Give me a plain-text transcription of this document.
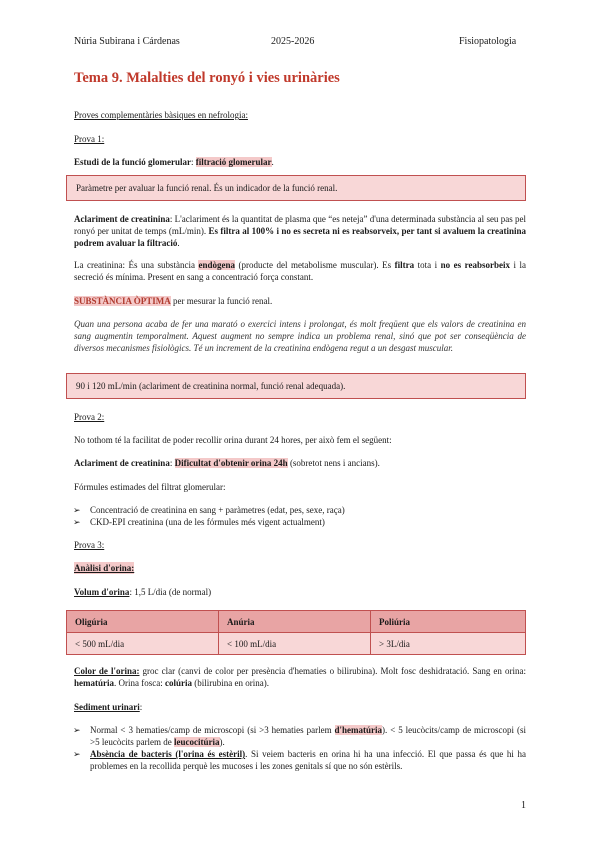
Núria Subirana i Cárdenas	2025-2026	Fisiopatologia
Tema 9. Malalties del ronyó i vies urinàries
Proves complementàries bàsiques en nefrologia:
Prova 1:
Estudi de la funció glomerular: filtració glomerular.
Paràmetre per avaluar la funció renal. És un indicador de la funció renal.
Aclariment de creatinina: L'aclariment és la quantitat de plasma que “es neteja” d'una determinada substància al seu pas pel ronyó per unitat de temps (mL/min). Es filtra al 100% i no es secreta ni es reabsorveix, per tant si avaluem la creatinina podrem avaluar la filtració.
La creatinina: És una substància endògena (producte del metabolisme muscular). Es filtra tota i no es reabsorbeix i la secreció és mínima. Present en sang a concentració força constant.
SUBSTÀNCIA ÒPTIMA per mesurar la funció renal.
Quan una persona acaba de fer una marató o exercici intens i prolongat, és molt freqüent que els valors de creatinina en sang augmentin temporalment. Aquest augment no sempre indica un problema renal, sinó que pot ser conseqüència de diversos mecanismes fisiològics. Té un increment de la creatinina endògena regut a un desgast muscular.
90 i 120 mL/min (aclariment de creatinina normal, funció renal adequada).
Prova 2:
No tothom té la facilitat de poder recollir orina durant 24 hores, per això fem el següent:
Aclariment de creatinina: Dificultat d'obtenir orina 24h (sobretot nens i ancians).
Fórmules estimades del filtrat glomerular:
➢ Concentració de creatinina en sang + paràmetres (edat, pes, sexe, raça)
➢ CKD-EPI creatinina (una de les fórmules més vigent actualment)
Prova 3:
Anàlisi d'orina:
Volum d'orina: 1,5 L/dia (de normal)
Oligúria	Anúria	Poliúria
< 500 mL/dia	< 100 mL/dia	> 3L/dia
Color de l'orina: groc clar (canvi de color per presència d'hematies o bilirubina). Molt fosc deshidratació. Sang en orina: hematúria. Orina fosca: colúria (bilirubina en orina).
Sediment urinari:
➢ Normal < 3 hematies/camp de microscopi (si >3 hematies parlem d'hematúria). < 5 leucòcits/camp de microscopi (si >5 leucòcits parlem de leucocitúria).
➢ Absència de bacteris (l'orina és estèril). Si veiem bacteris en orina hi ha una infecció. El que passa és que hi ha problemes en la recollida perquè les mucoses i les zones genitals sí que no són estèrils.
1
